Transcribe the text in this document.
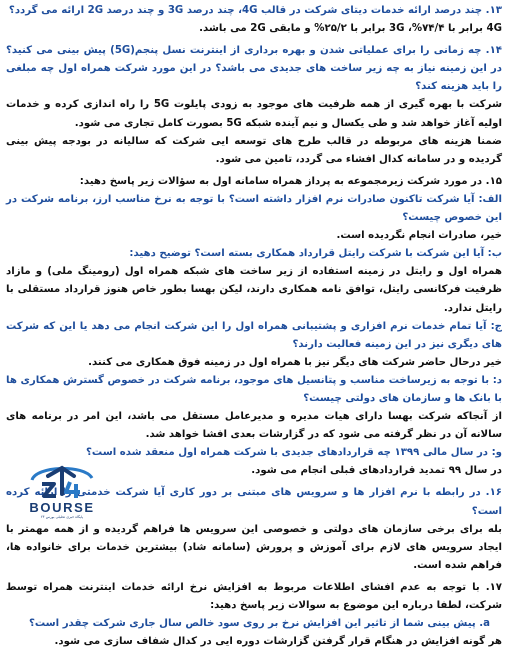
۱۳. چند درصد ارائه خدمات دیتای شرکت در قالب 4G، چند درصد 3G و چند درصد 2G ارائه می گردد؟

4G برابر با ۷۴/۴%، 3G برابر با ۲۵/۲% و مابقی 2G می باشد.

۱۴. چه زمانی را برای عملیاتی شدن و بهره برداری از اینترنت نسل پنجم(5G) پیش بینی می کنید؟ در این زمینه نیاز به چه زیر ساخت های جدیدی می باشد؟ در این مورد شرکت همراه اول چه مبلغی را باید هزینه کند؟

شرکت با بهره گیری از همه ظرفیت های موجود به زودی پایلوت 5G را راه اندازی کرده و خدمات اولیه آغاز خواهد شد و طی یکسال و نیم آینده شبکه 5G بصورت کامل تجاری می شود.

ضمنا هزینه های مربوطه در قالب طرح های توسعه ایی شرکت که سالیانه در بودجه پیش بینی گردیده و در سامانه کدال افشاء می گردد، تامین می شود.

۱۵. در مورد شرکت زیرمجموعه به پرداز همراه سامانه اول به سؤالات زیر پاسخ دهید:

الف: آیا شرکت تاکنون صادرات نرم افزار داشته است؟ با توجه به نرخ مناسب ارز، برنامه شرکت در این خصوص چیست؟

خیر، صادرات انجام نگردیده است.

ب: آیا این شرکت با شرکت رایتل قرارداد همکاری بسته است؟ توضیح دهید:

همراه اول و رایتل در زمینه استفاده از زیر ساخت های شبکه همراه اول (رومینگ ملی) و مازاد ظرفیت فرکانسی رایتل، توافق نامه همکاری دارند، لیکن بهسا بطور خاص هنوز قرارداد مستقلی با رایتل ندارد.

ج: آیا تمام خدمات نرم افزاری و پشتیبانی همراه اول را این شرکت انجام می دهد یا این که شرکت های دیگری نیز در این زمینه فعالیت دارند؟

خیر درحال حاضر شرکت های دیگر نیز با همراه اول در زمینه فوق همکاری می کنند.

د: با توجه به زیرساخت مناسب و پتانسیل های موجود، برنامه شرکت در خصوص گسترش همکاری ها با بانک ها و سازمان های دولتی چیست؟

از آنجاکه شرکت بهسا دارای هیات مدیره و مدیرعامل مستقل می باشد، این امر در برنامه های سالانه آن در نظر گرفته می شود که در گزارشات بعدی افشا خواهد شد.

و: در سال مالی ۱۳۹۹ چه قراردادهای جدیدی با شرکت همراه اول منعقد شده است؟

در سال ۹۹ تمدید قراردادهای قبلی انجام می شود.

۱۶. در رابطه با نرم افزار ها و سرویس های مبتنی بر دور کاری آیا شرکت خدمتی را ارائه کرده است؟

بله برای برخی سازمان های دولتی و خصوصی این سرویس ها فراهم گردیده و از همه مهمتر با ایجاد سرویس های لازم برای آموزش و پرورش (سامانه شاد) بیشترین خدمات برای خانواده ها، فراهم شده است.

۱۷. با توجه به عدم افشای اطلاعات مربوط به افزایش نرخ ارائه خدمات اینترنت همراه توسط شرکت، لطفا درباره این موضوع به سوالات زیر پاسخ دهید:

a. پیش بینی شما از تاثیر این افزایش نرخ بر روی سود خالص سال جاری شرکت چقدر است؟

هر گونه افزایش در هنگام قرار گرفتن گزارشات دوره ایی در کدال شفاف سازی می شود.

BOURSE
پایگاه خبری تحلیلی بورس ۲۴
